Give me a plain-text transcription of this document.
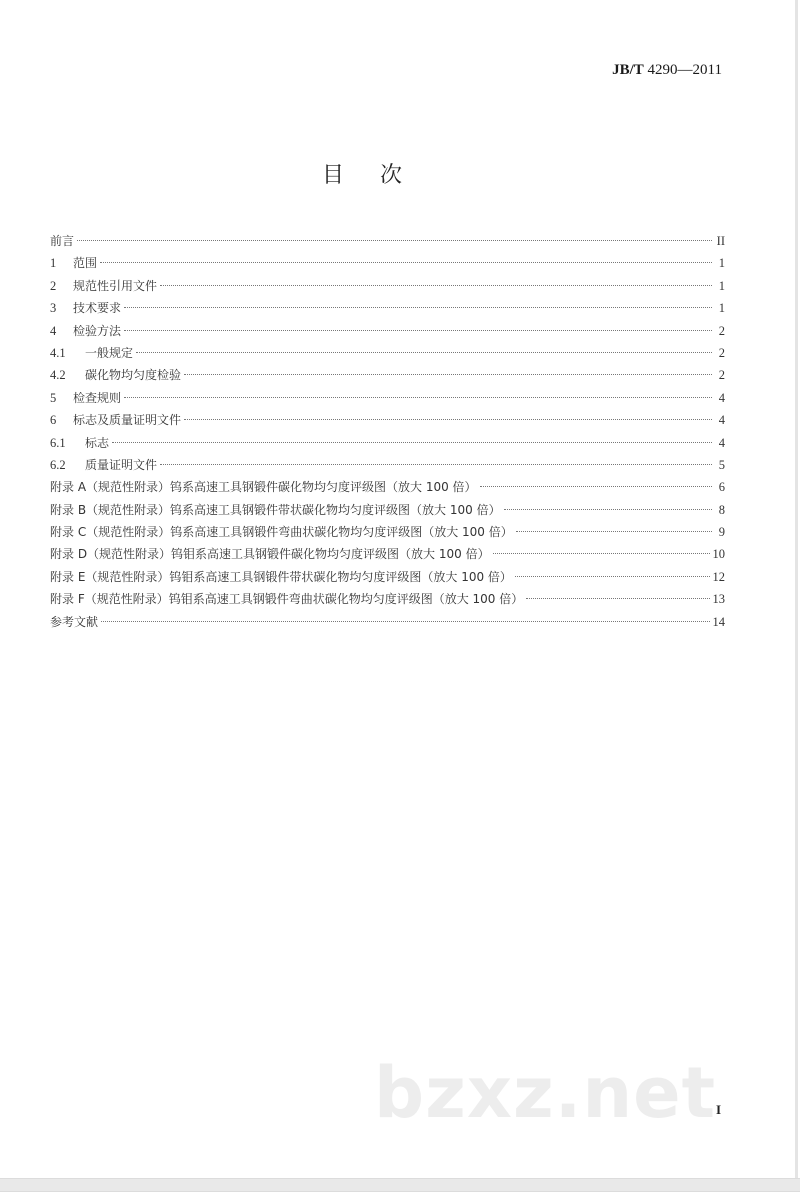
JB/T 4290—2011
目次
前言	II
1	范围	1
2	规范性引用文件	1
3	技术要求	1
4	检验方法	2
4.1	一般规定	2
4.2	碳化物均匀度检验	2
5	检查规则	4
6	标志及质量证明文件	4
6.1	标志	4
6.2	质量证明文件	5
附录 A（规范性附录）钨系高速工具钢锻件碳化物均匀度评级图（放大 100 倍）	6
附录 B（规范性附录）钨系高速工具钢锻件带状碳化物均匀度评级图（放大 100 倍）	8
附录 C（规范性附录）钨系高速工具钢锻件弯曲状碳化物均匀度评级图（放大 100 倍）	9
附录 D（规范性附录）钨钼系高速工具钢锻件碳化物均匀度评级图（放大 100 倍）	10
附录 E（规范性附录）钨钼系高速工具钢锻件带状碳化物均匀度评级图（放大 100 倍）	12
附录 F（规范性附录）钨钼系高速工具钢锻件弯曲状碳化物均匀度评级图（放大 100 倍）	13
参考文献	14
bzxz.net I
